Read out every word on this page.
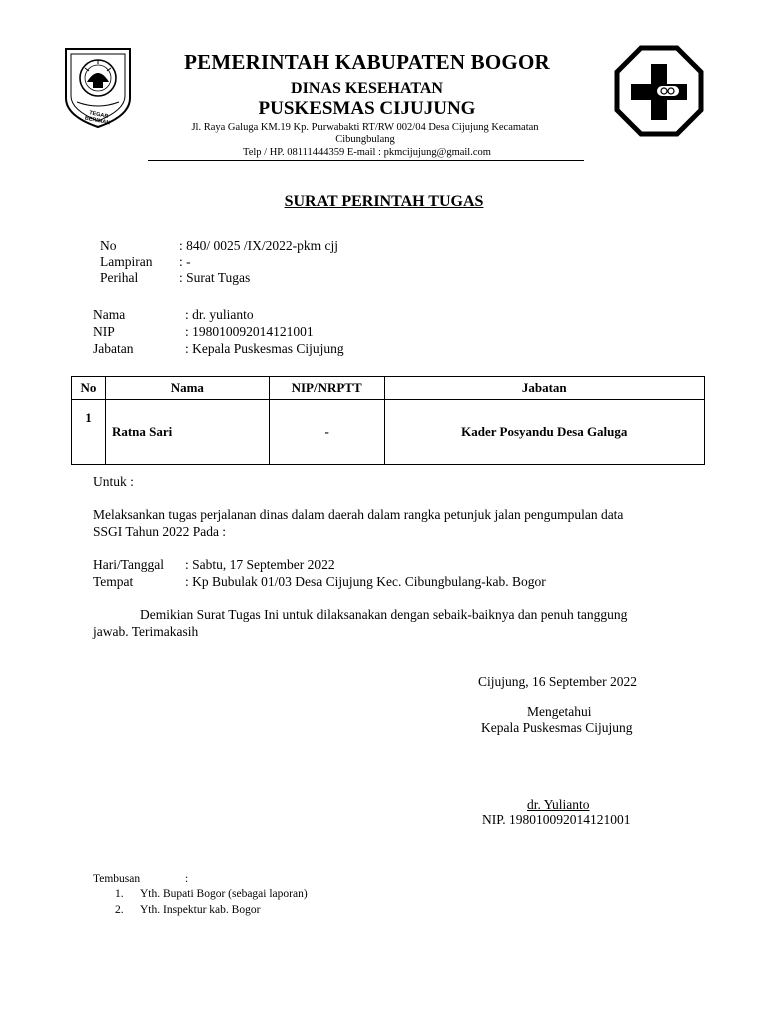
TEGAR BERIMAN
PEMERINTAH KABUPATEN BOGOR
DINAS KESEHATAN
PUSKESMAS CIJUJUNG
Jl. Raya Galuga KM.19 Kp. Purwabakti RT/RW 002/04 Desa Cijujung Kecamatan
Cibungbulang
Telp / HP. 08111444359 E-mail : pkmcijujung@gmail.com
SURAT PERINTAH TUGAS
No	: 840/ 0025 /IX/2022-pkm cjj
Lampiran : -
Perihal	: Surat Tugas
Nama	: dr. yulianto
NIP	: 198010092014121001
Jabatan	: Kepala Puskesmas Cijujung
No	Nama	NIP/NRPTT	Jabatan
1	Ratna Sari	-	Kader Posyandu Desa Galuga
Untuk :
Melaksankan tugas perjalanan dinas dalam daerah dalam rangka petunjuk jalan pengumpulan data
SSGI Tahun 2022 Pada :
Hari/Tanggal : Sabtu, 17 September 2022
Tempat	: Kp Bubulak 01/03 Desa Cijujung Kec. Cibungbulang-kab. Bogor
Demikian Surat Tugas Ini untuk dilaksanakan dengan sebaik-baiknya dan penuh tanggung
jawab. Terimakasih
Cijujung, 16 September 2022
Mengetahui
Kepala Puskesmas Cijujung
dr. Yulianto
NIP. 198010092014121001
Tembusan	:
1. Yth. Bupati Bogor (sebagai laporan)
2. Yth. Inspektur kab. Bogor
